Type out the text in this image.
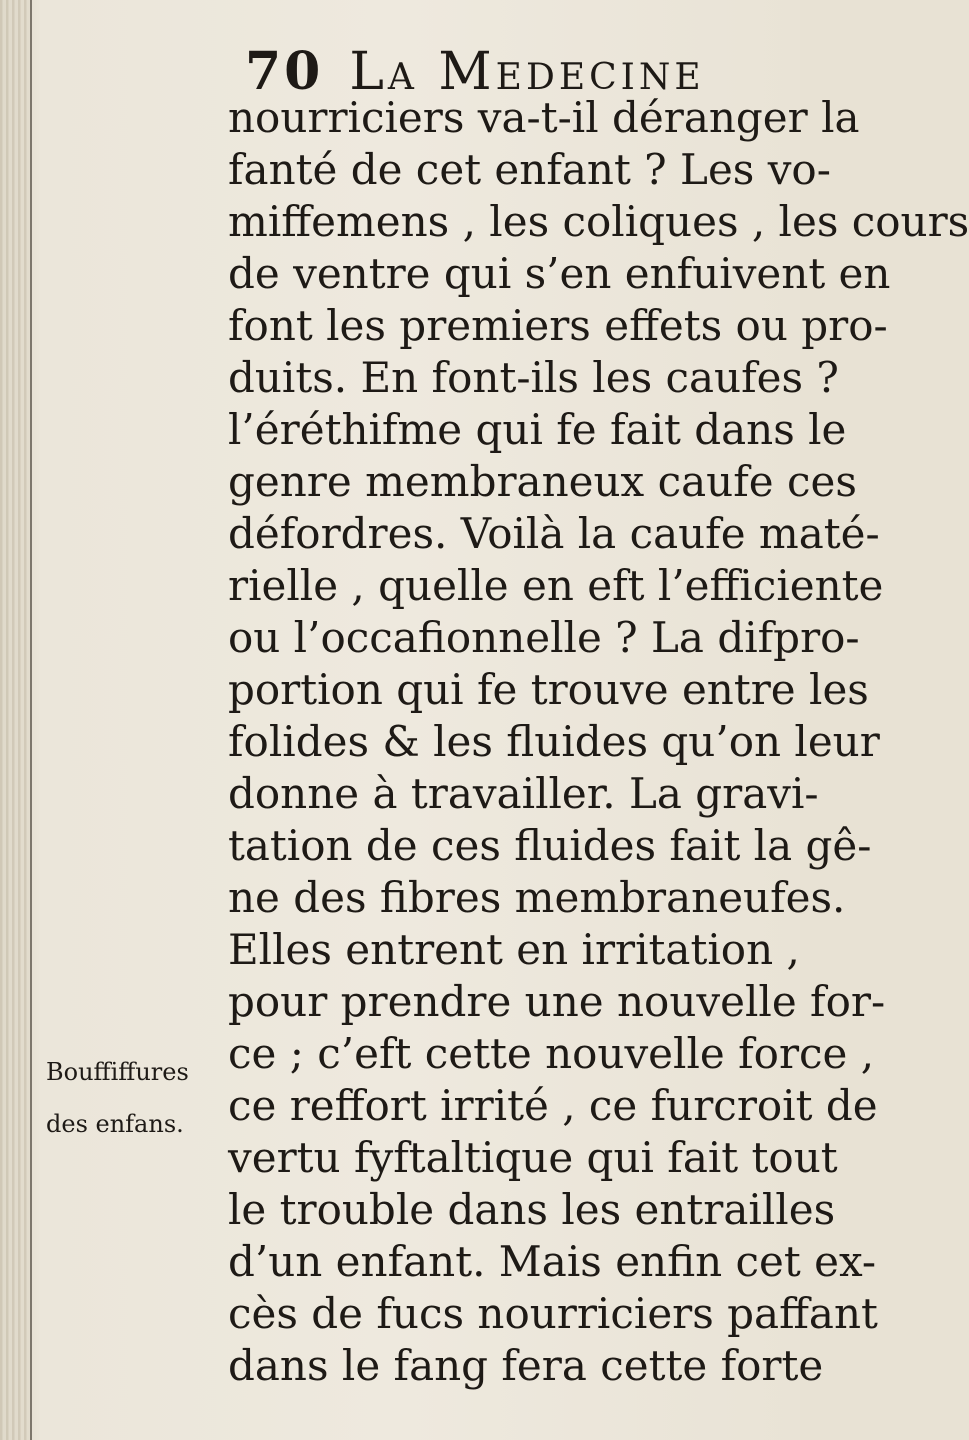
70 La Medecine
Bouffiffures
des enfans.
nourriciers va-t-il déranger la
fanté de cet enfant ? Les vo-
miffemens , les coliques , les cours
de ventre qui s’en enfuivent en
font les premiers effets ou pro-
duits. En font-ils les caufes ?
l’éréthifme qui fe fait dans le
genre membraneux caufe ces
défordres. Voilà la caufe maté-
rielle , quelle en eft l’efficiente
ou l’occafionnelle ? La difpro-
portion qui fe trouve entre les
folides & les fluides qu’on leur
donne à travailler. La gravi-
tation de ces fluides fait la gê-
ne des fibres membraneufes.
Elles entrent en irritation ,
pour prendre une nouvelle for-
ce ; c’eft cette nouvelle force ,
ce reffort irrité , ce furcroit de
vertu fyftaltique qui fait tout
le trouble dans les entrailles
d’un enfant. Mais enfin cet ex-
cès de fucs nourriciers paffant
dans le fang fera cette forte
